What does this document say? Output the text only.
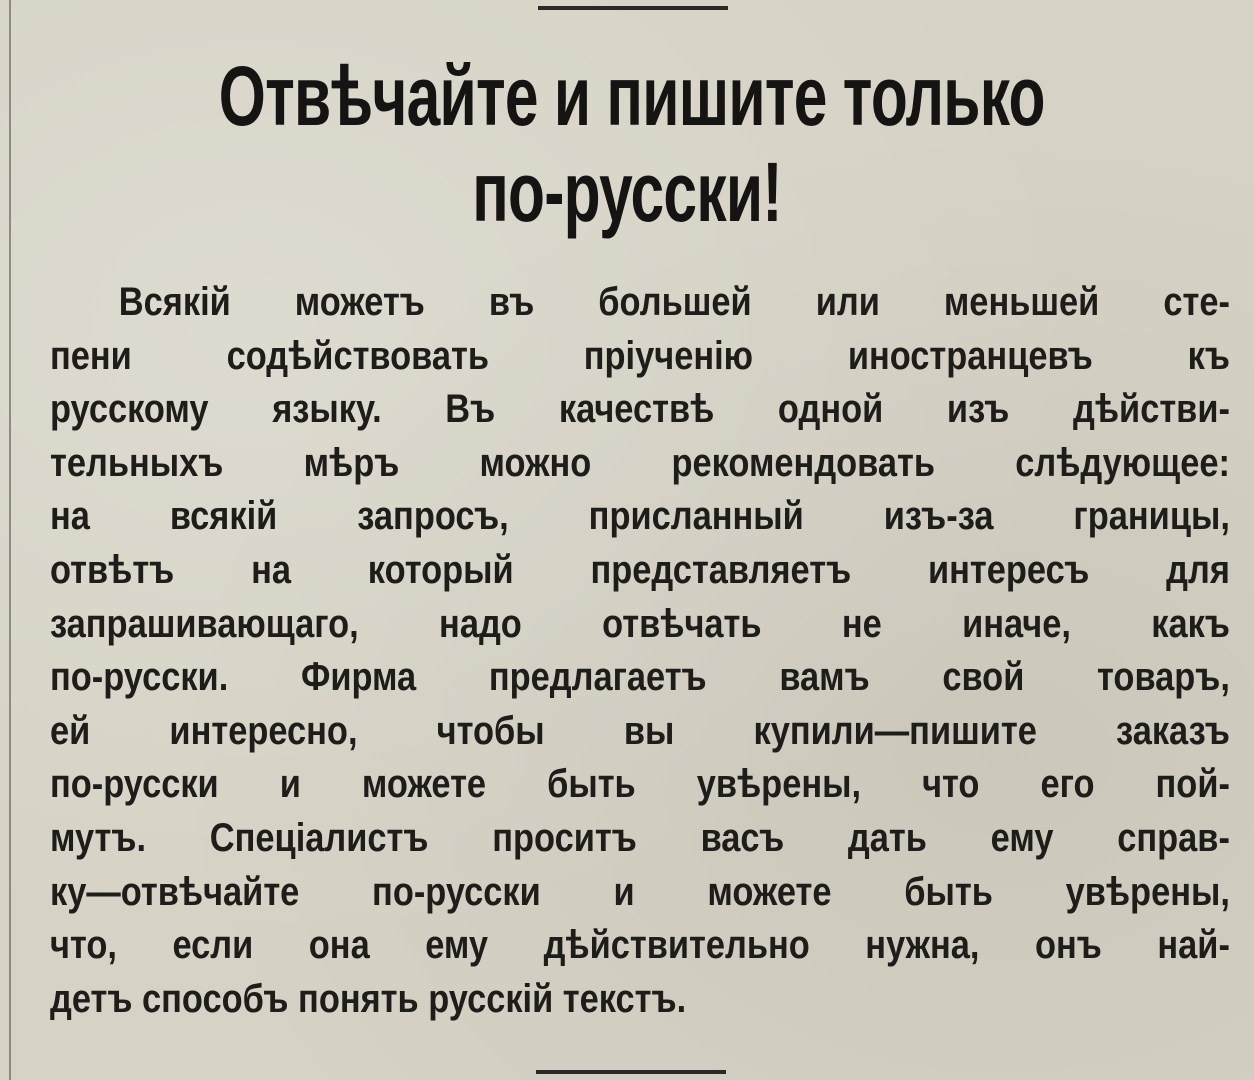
Отвѣчайте и пишите только
по-русски!
Всякій можетъ въ большей или меньшей сте-
пени содѣйствовать пріученію иностранцевъ къ
русскому языку. Въ качествѣ одной изъ дѣйстви-
тельныхъ мѣръ можно рекомендовать слѣдующее:
на всякій запросъ, присланный изъ-за границы,
отвѣтъ на который представляетъ интересъ для
запрашивающаго, надо отвѣчать не иначе, какъ
по-русски. Фирма предлагаетъ вамъ свой товаръ,
ей интересно, чтобы вы купили—пишите заказъ
по-русски и можете быть увѣрены, что его пой-
мутъ. Спеціалистъ проситъ васъ дать ему справ-
ку—отвѣчайте по-русски и можете быть увѣрены,
что, если она ему дѣйствительно нужна, онъ най-
детъ способъ понять русскій текстъ.
